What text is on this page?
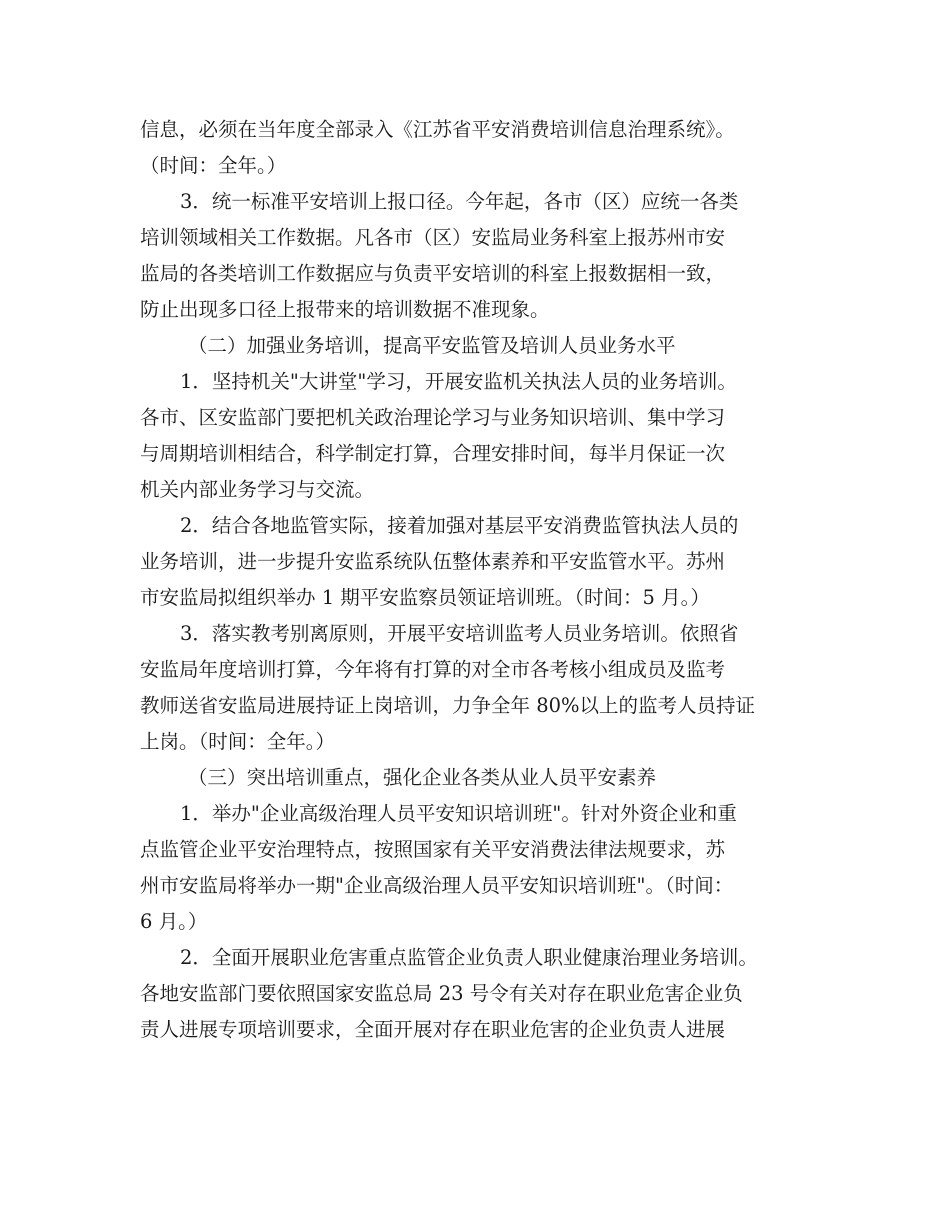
信息，必须在当年度全部录入《江苏省平安消费培训信息治理系统》。
（时间：全年。）
3．统一标准平安培训上报口径。今年起，各市（区）应统一各类
培训领域相关工作数据。凡各市（区）安监局业务科室上报苏州市安
监局的各类培训工作数据应与负责平安培训的科室上报数据相一致，
防止出现多口径上报带来的培训数据不准现象。
（二）加强业务培训，提高平安监管及培训人员业务水平
1．坚持机关"大讲堂"学习，开展安监机关执法人员的业务培训。
各市、区安监部门要把机关政治理论学习与业务知识培训、集中学习
与周期培训相结合，科学制定打算，合理安排时间，每半月保证一次
机关内部业务学习与交流。
2．结合各地监管实际，接着加强对基层平安消费监管执法人员的
业务培训，进一步提升安监系统队伍整体素养和平安监管水平。苏州
市安监局拟组织举办 1 期平安监察员领证培训班。（时间：5 月。）
3．落实教考别离原则，开展平安培训监考人员业务培训。依照省
安监局年度培训打算，今年将有打算的对全市各考核小组成员及监考
教师送省安监局进展持证上岗培训，力争全年 80%以上的监考人员持证
上岗。（时间：全年。）
（三）突出培训重点，强化企业各类从业人员平安素养
1．举办"企业高级治理人员平安知识培训班"。针对外资企业和重
点监管企业平安治理特点，按照国家有关平安消费法律法规要求，苏
州市安监局将举办一期"企业高级治理人员平安知识培训班"。（时间：
6 月。）
2．全面开展职业危害重点监管企业负责人职业健康治理业务培训。
各地安监部门要依照国家安监总局 23 号令有关对存在职业危害企业负
责人进展专项培训要求，全面开展对存在职业危害的企业负责人进展
